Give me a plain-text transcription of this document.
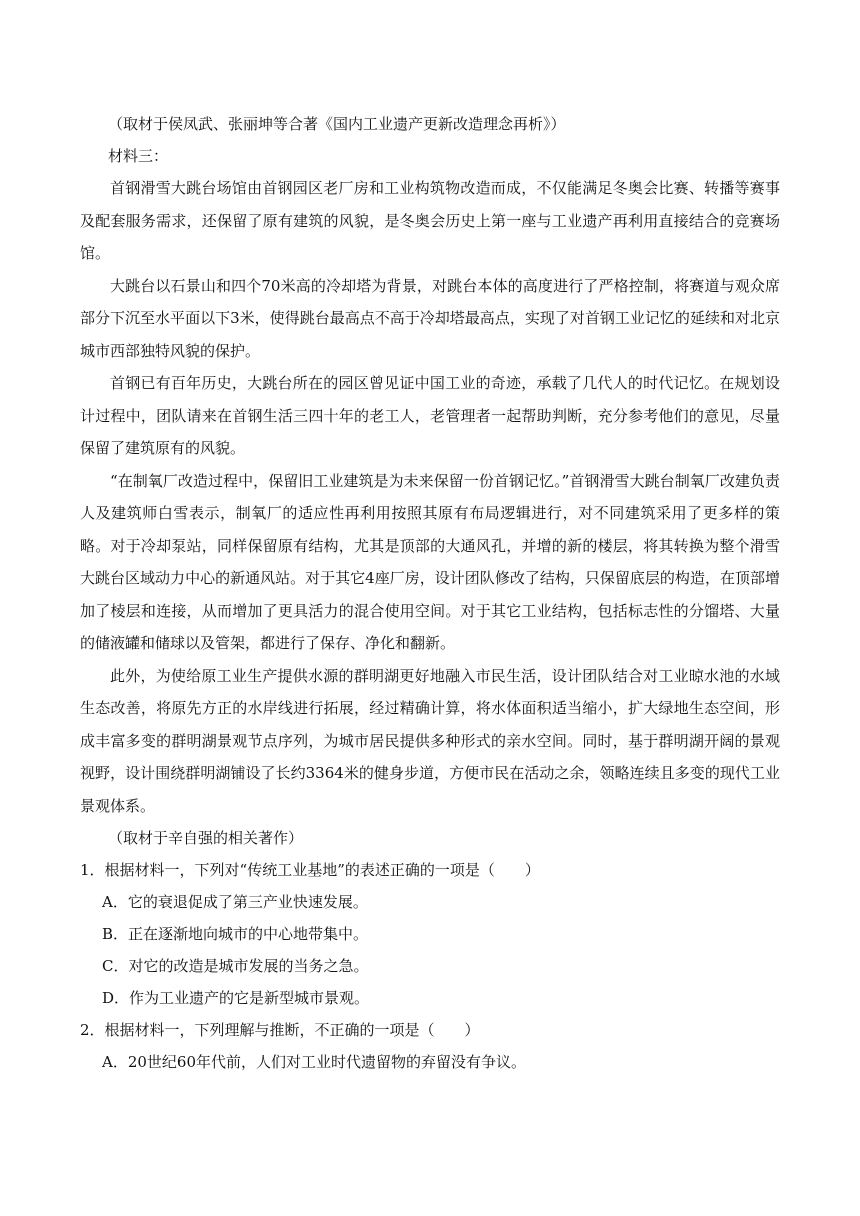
（取材于侯凤武、张丽坤等合著《国内工业遗产更新改造理念再析》）

材料三：

首钢滑雪大跳台场馆由首钢园区老厂房和工业构筑物改造而成，不仅能满足冬奥会比赛、转播等赛事及配套服务需求，还保留了原有建筑的风貌，是冬奥会历史上第一座与工业遗产再利用直接结合的竞赛场馆。

大跳台以石景山和四个70米高的冷却塔为背景，对跳台本体的高度进行了严格控制，将赛道与观众席部分下沉至水平面以下3米，使得跳台最高点不高于冷却塔最高点，实现了对首钢工业记忆的延续和对北京城市西部独特风貌的保护。

首钢已有百年历史，大跳台所在的园区曾见证中国工业的奇迹，承载了几代人的时代记忆。在规划设计过程中，团队请来在首钢生活三四十年的老工人，老管理者一起帮助判断，充分参考他们的意见，尽量保留了建筑原有的风貌。

“在制氧厂改造过程中，保留旧工业建筑是为未来保留一份首钢记忆。”首钢滑雪大跳台制氧厂改建负责人及建筑师白雪表示，制氧厂的适应性再利用按照其原有布局逻辑进行，对不同建筑采用了更多样的策略。对于冷却泵站，同样保留原有结构，尤其是顶部的大通风孔，并增的新的楼层，将其转换为整个滑雪大跳台区域动力中心的新通风站。对于其它4座厂房，设计团队修改了结构，只保留底层的构造，在顶部增加了棱层和连接，从而增加了更具活力的混合使用空间。对于其它工业结构，包括标志性的分馏塔、大量的储液罐和储球以及管架，都进行了保存、净化和翻新。

此外，为使给原工业生产提供水源的群明湖更好地融入市民生活，设计团队结合对工业晾水池的水域生态改善，将原先方正的水岸线进行拓展，经过精确计算，将水体面积适当缩小，扩大绿地生态空间，形成丰富多变的群明湖景观节点序列，为城市居民提供多种形式的亲水空间。同时，基于群明湖开阔的景观视野，设计围绕群明湖铺设了长约3364米的健身步道，方便市民在活动之余，领略连续且多变的现代工业景观体系。

（取材于辛自强的相关著作）

1．根据材料一，下列对“传统工业基地”的表述正确的一项是（　　）

A．它的衰退促成了第三产业快速发展。

B．正在逐渐地向城市的中心地带集中。

C．对它的改造是城市发展的当务之急。

D．作为工业遗产的它是新型城市景观。

2．根据材料一，下列理解与推断，不正确的一项是（　　）

A．20世纪60年代前，人们对工业时代遗留物的弃留没有争议。
